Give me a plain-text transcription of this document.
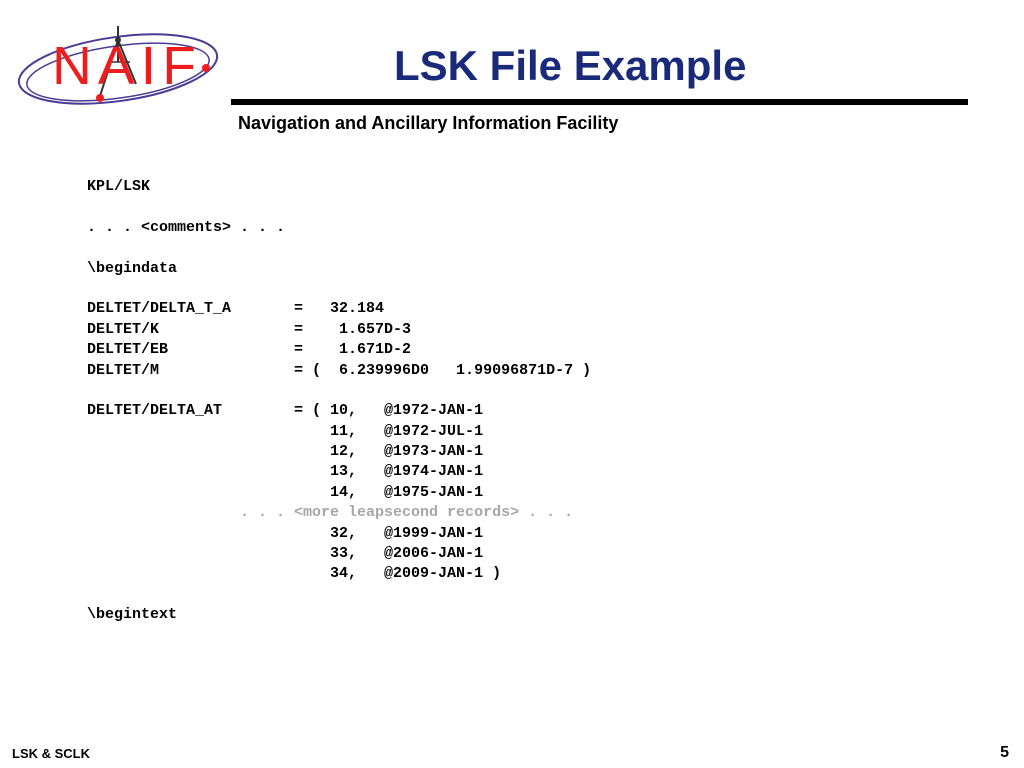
NAIF	LSK File Example
Navigation and Ancillary Information Facility
KPL/LSK
. . . <comments> . . .
\begindata
DELTET/DELTA_T_A       =   32.184
DELTET/K               =    1.657D-3
DELTET/EB              =    1.671D-2
DELTET/M               = (  6.239996D0   1.99096871D-7 )
DELTET/DELTA_AT        = ( 10,   @1972-JAN-1
11,   @1972-JUL-1
12,   @1973-JAN-1
13,   @1974-JAN-1
14,   @1975-JAN-1
. . . <more leapsecond records> . . .
32,   @1999-JAN-1
33,   @2006-JAN-1
34,   @2009-JAN-1 )
\begintext
LSK & SCLK	5
